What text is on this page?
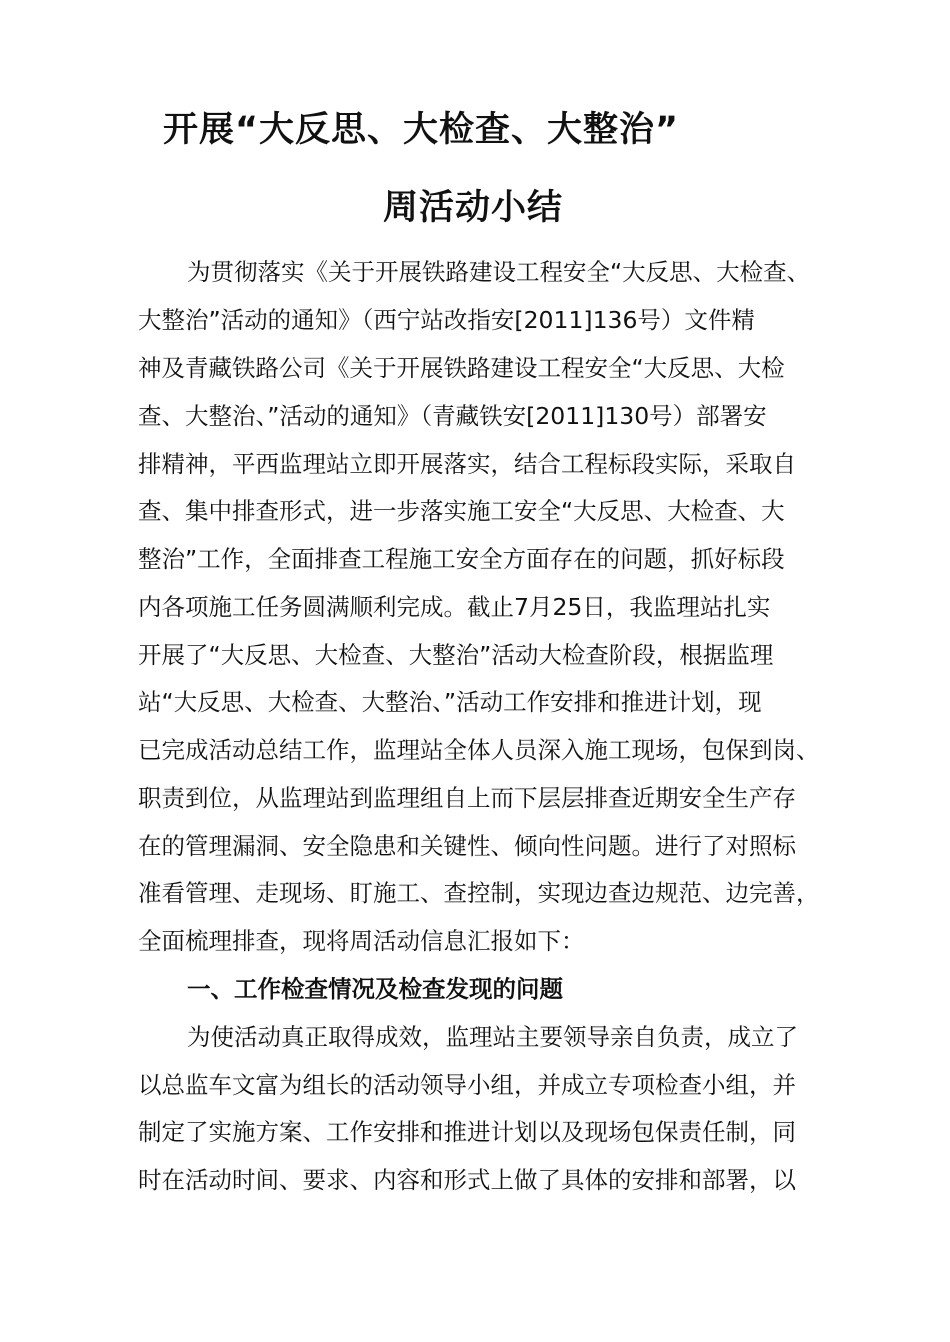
开展“大反思、大检查、大整治”
周活动小结
为贯彻落实《关于开展铁路建设工程安全“大反思、大检查、
大整治”活动的通知》（西宁站改指安[2011]136号）文件精
神及青藏铁路公司《关于开展铁路建设工程安全“大反思、大检
查、大整治、”活动的通知》（青藏铁安[2011]130号）部署安
排精神，平西监理站立即开展落实，结合工程标段实际，采取自
查、集中排查形式，进一步落实施工安全“大反思、大检查、大
整治”工作，全面排查工程施工安全方面存在的问题，抓好标段
内各项施工任务圆满顺利完成。截止7月25日，我监理站扎实
开展了“大反思、大检查、大整治”活动大检查阶段，根据监理
站“大反思、大检查、大整治、”活动工作安排和推进计划，现
已完成活动总结工作，监理站全体人员深入施工现场，包保到岗、
职责到位，从监理站到监理组自上而下层层排查近期安全生产存
在的管理漏洞、安全隐患和关键性、倾向性问题。进行了对照标
准看管理、走现场、盯施工、查控制，实现边查边规范、边完善，
全面梳理排查，现将周活动信息汇报如下：
一、工作检查情况及检查发现的问题
为使活动真正取得成效，监理站主要领导亲自负责，成立了
以总监车文富为组长的活动领导小组，并成立专项检查小组，并
制定了实施方案、工作安排和推进计划以及现场包保责任制，同
时在活动时间、要求、内容和形式上做了具体的安排和部署，以
